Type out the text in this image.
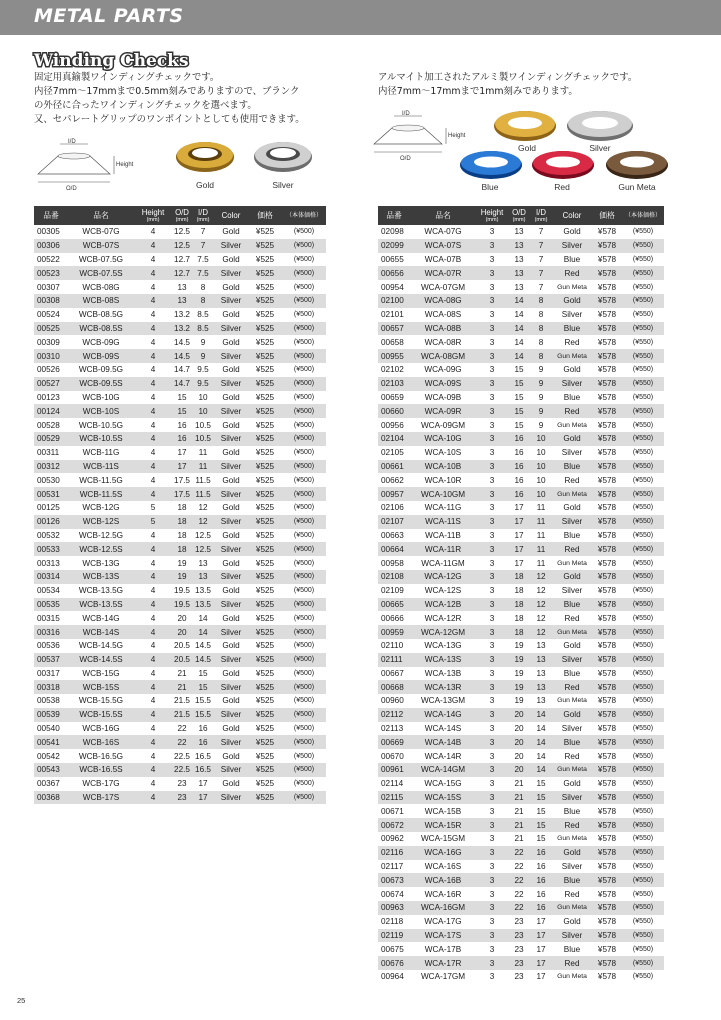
METAL PARTS
Winding Checks
固定用真鍮製ワインディングチェックです。
内径7mm～17mmまで0.5mm刻みでありますので、ブランク
の外径に合ったワインディングチェックを選べます。
又、セパレートグリップのワンポイントとしても使用できます。
アルマイト加工されたアルミ製ワインディングチェックです。
内径7mm～17mmまで1mm刻みであります。
I/D
Height
O/D	Gold	Silver
I/D
Height
O/D
Gold	Silver
Blue	Red	Gun Meta
品番	品名	Height
(mm)	O/D
(mm)	I/D
(mm)	Color	価格	（本体価格）
00305	WCB-07G	4	12.5	7	Gold	¥525	(¥500)
00306	WCB-07S	4	12.5	7	Silver	¥525	(¥500)
00522	WCB-07.5G	4	12.7	7.5	Gold	¥525	(¥500)
00523	WCB-07.5S	4	12.7	7.5	Silver	¥525	(¥500)
00307	WCB-08G	4	13	8	Gold	¥525	(¥500)
00308	WCB-08S	4	13	8	Silver	¥525	(¥500)
00524	WCB-08.5G	4	13.2	8.5	Gold	¥525	(¥500)
00525	WCB-08.5S	4	13.2	8.5	Silver	¥525	(¥500)
00309	WCB-09G	4	14.5	9	Gold	¥525	(¥500)
00310	WCB-09S	4	14.5	9	Silver	¥525	(¥500)
00526	WCB-09.5G	4	14.7	9.5	Gold	¥525	(¥500)
00527	WCB-09.5S	4	14.7	9.5	Silver	¥525	(¥500)
00123	WCB-10G	4	15	10	Gold	¥525	(¥500)
00124	WCB-10S	4	15	10	Silver	¥525	(¥500)
00528	WCB-10.5G	4	16	10.5	Gold	¥525	(¥500)
00529	WCB-10.5S	4	16	10.5	Silver	¥525	(¥500)
00311	WCB-11G	4	17	11	Gold	¥525	(¥500)
00312	WCB-11S	4	17	11	Silver	¥525	(¥500)
00530	WCB-11.5G	4	17.5	11.5	Gold	¥525	(¥500)
00531	WCB-11.5S	4	17.5	11.5	Silver	¥525	(¥500)
00125	WCB-12G	5	18	12	Gold	¥525	(¥500)
00126	WCB-12S	5	18	12	Silver	¥525	(¥500)
00532	WCB-12.5G	4	18	12.5	Gold	¥525	(¥500)
00533	WCB-12.5S	4	18	12.5	Silver	¥525	(¥500)
00313	WCB-13G	4	19	13	Gold	¥525	(¥500)
00314	WCB-13S	4	19	13	Silver	¥525	(¥500)
00534	WCB-13.5G	4	19.5	13.5	Gold	¥525	(¥500)
00535	WCB-13.5S	4	19.5	13.5	Silver	¥525	(¥500)
00315	WCB-14G	4	20	14	Gold	¥525	(¥500)
00316	WCB-14S	4	20	14	Silver	¥525	(¥500)
00536	WCB-14.5G	4	20.5	14.5	Gold	¥525	(¥500)
00537	WCB-14.5S	4	20.5	14.5	Silver	¥525	(¥500)
00317	WCB-15G	4	21	15	Gold	¥525	(¥500)
00318	WCB-15S	4	21	15	Silver	¥525	(¥500)
00538	WCB-15.5G	4	21.5	15.5	Gold	¥525	(¥500)
00539	WCB-15.5S	4	21.5	15.5	Silver	¥525	(¥500)
00540	WCB-16G	4	22	16	Gold	¥525	(¥500)
00541	WCB-16S	4	22	16	Silver	¥525	(¥500)
00542	WCB-16.5G	4	22.5	16.5	Gold	¥525	(¥500)
00543	WCB-16.5S	4	22.5	16.5	Silver	¥525	(¥500)
00367	WCB-17G	4	23	17	Gold	¥525	(¥500)
00368	WCB-17S	4	23	17	Silver	¥525	(¥500)
品番	品名	Height
(mm)	O/D
(mm)	I/D
(mm)	Color	価格	（本体価格）
02098	WCA-07G	3	13	7	Gold	¥578	(¥550)
02099	WCA-07S	3	13	7	Silver	¥578	(¥550)
00655	WCA-07B	3	13	7	Blue	¥578	(¥550)
00656	WCA-07R	3	13	7	Red	¥578	(¥550)
00954	WCA-07GM	3	13	7	Gun Meta	¥578	(¥550)
02100	WCA-08G	3	14	8	Gold	¥578	(¥550)
02101	WCA-08S	3	14	8	Silver	¥578	(¥550)
00657	WCA-08B	3	14	8	Blue	¥578	(¥550)
00658	WCA-08R	3	14	8	Red	¥578	(¥550)
00955	WCA-08GM	3	14	8	Gun Meta	¥578	(¥550)
02102	WCA-09G	3	15	9	Gold	¥578	(¥550)
02103	WCA-09S	3	15	9	Silver	¥578	(¥550)
00659	WCA-09B	3	15	9	Blue	¥578	(¥550)
00660	WCA-09R	3	15	9	Red	¥578	(¥550)
00956	WCA-09GM	3	15	9	Gun Meta	¥578	(¥550)
02104	WCA-10G	3	16	10	Gold	¥578	(¥550)
02105	WCA-10S	3	16	10	Silver	¥578	(¥550)
00661	WCA-10B	3	16	10	Blue	¥578	(¥550)
00662	WCA-10R	3	16	10	Red	¥578	(¥550)
00957	WCA-10GM	3	16	10	Gun Meta	¥578	(¥550)
02106	WCA-11G	3	17	11	Gold	¥578	(¥550)
02107	WCA-11S	3	17	11	Silver	¥578	(¥550)
00663	WCA-11B	3	17	11	Blue	¥578	(¥550)
00664	WCA-11R	3	17	11	Red	¥578	(¥550)
00958	WCA-11GM	3	17	11	Gun Meta	¥578	(¥550)
02108	WCA-12G	3	18	12	Gold	¥578	(¥550)
02109	WCA-12S	3	18	12	Silver	¥578	(¥550)
00665	WCA-12B	3	18	12	Blue	¥578	(¥550)
00666	WCA-12R	3	18	12	Red	¥578	(¥550)
00959	WCA-12GM	3	18	12	Gun Meta	¥578	(¥550)
02110	WCA-13G	3	19	13	Gold	¥578	(¥550)
02111	WCA-13S	3	19	13	Silver	¥578	(¥550)
00667	WCA-13B	3	19	13	Blue	¥578	(¥550)
00668	WCA-13R	3	19	13	Red	¥578	(¥550)
00960	WCA-13GM	3	19	13	Gun Meta	¥578	(¥550)
02112	WCA-14G	3	20	14	Gold	¥578	(¥550)
02113	WCA-14S	3	20	14	Silver	¥578	(¥550)
00669	WCA-14B	3	20	14	Blue	¥578	(¥550)
00670	WCA-14R	3	20	14	Red	¥578	(¥550)
00961	WCA-14GM	3	20	14	Gun Meta	¥578	(¥550)
02114	WCA-15G	3	21	15	Gold	¥578	(¥550)
02115	WCA-15S	3	21	15	Silver	¥578	(¥550)
00671	WCA-15B	3	21	15	Blue	¥578	(¥550)
00672	WCA-15R	3	21	15	Red	¥578	(¥550)
00962	WCA-15GM	3	21	15	Gun Meta	¥578	(¥550)
02116	WCA-16G	3	22	16	Gold	¥578	(¥550)
02117	WCA-16S	3	22	16	Silver	¥578	(¥550)
00673	WCA-16B	3	22	16	Blue	¥578	(¥550)
00674	WCA-16R	3	22	16	Red	¥578	(¥550)
00963	WCA-16GM	3	22	16	Gun Meta	¥578	(¥550)
02118	WCA-17G	3	23	17	Gold	¥578	(¥550)
02119	WCA-17S	3	23	17	Silver	¥578	(¥550)
00675	WCA-17B	3	23	17	Blue	¥578	(¥550)
00676	WCA-17R	3	23	17	Red	¥578	(¥550)
00964	WCA-17GM	3	23	17	Gun Meta	¥578	(¥550)
25
